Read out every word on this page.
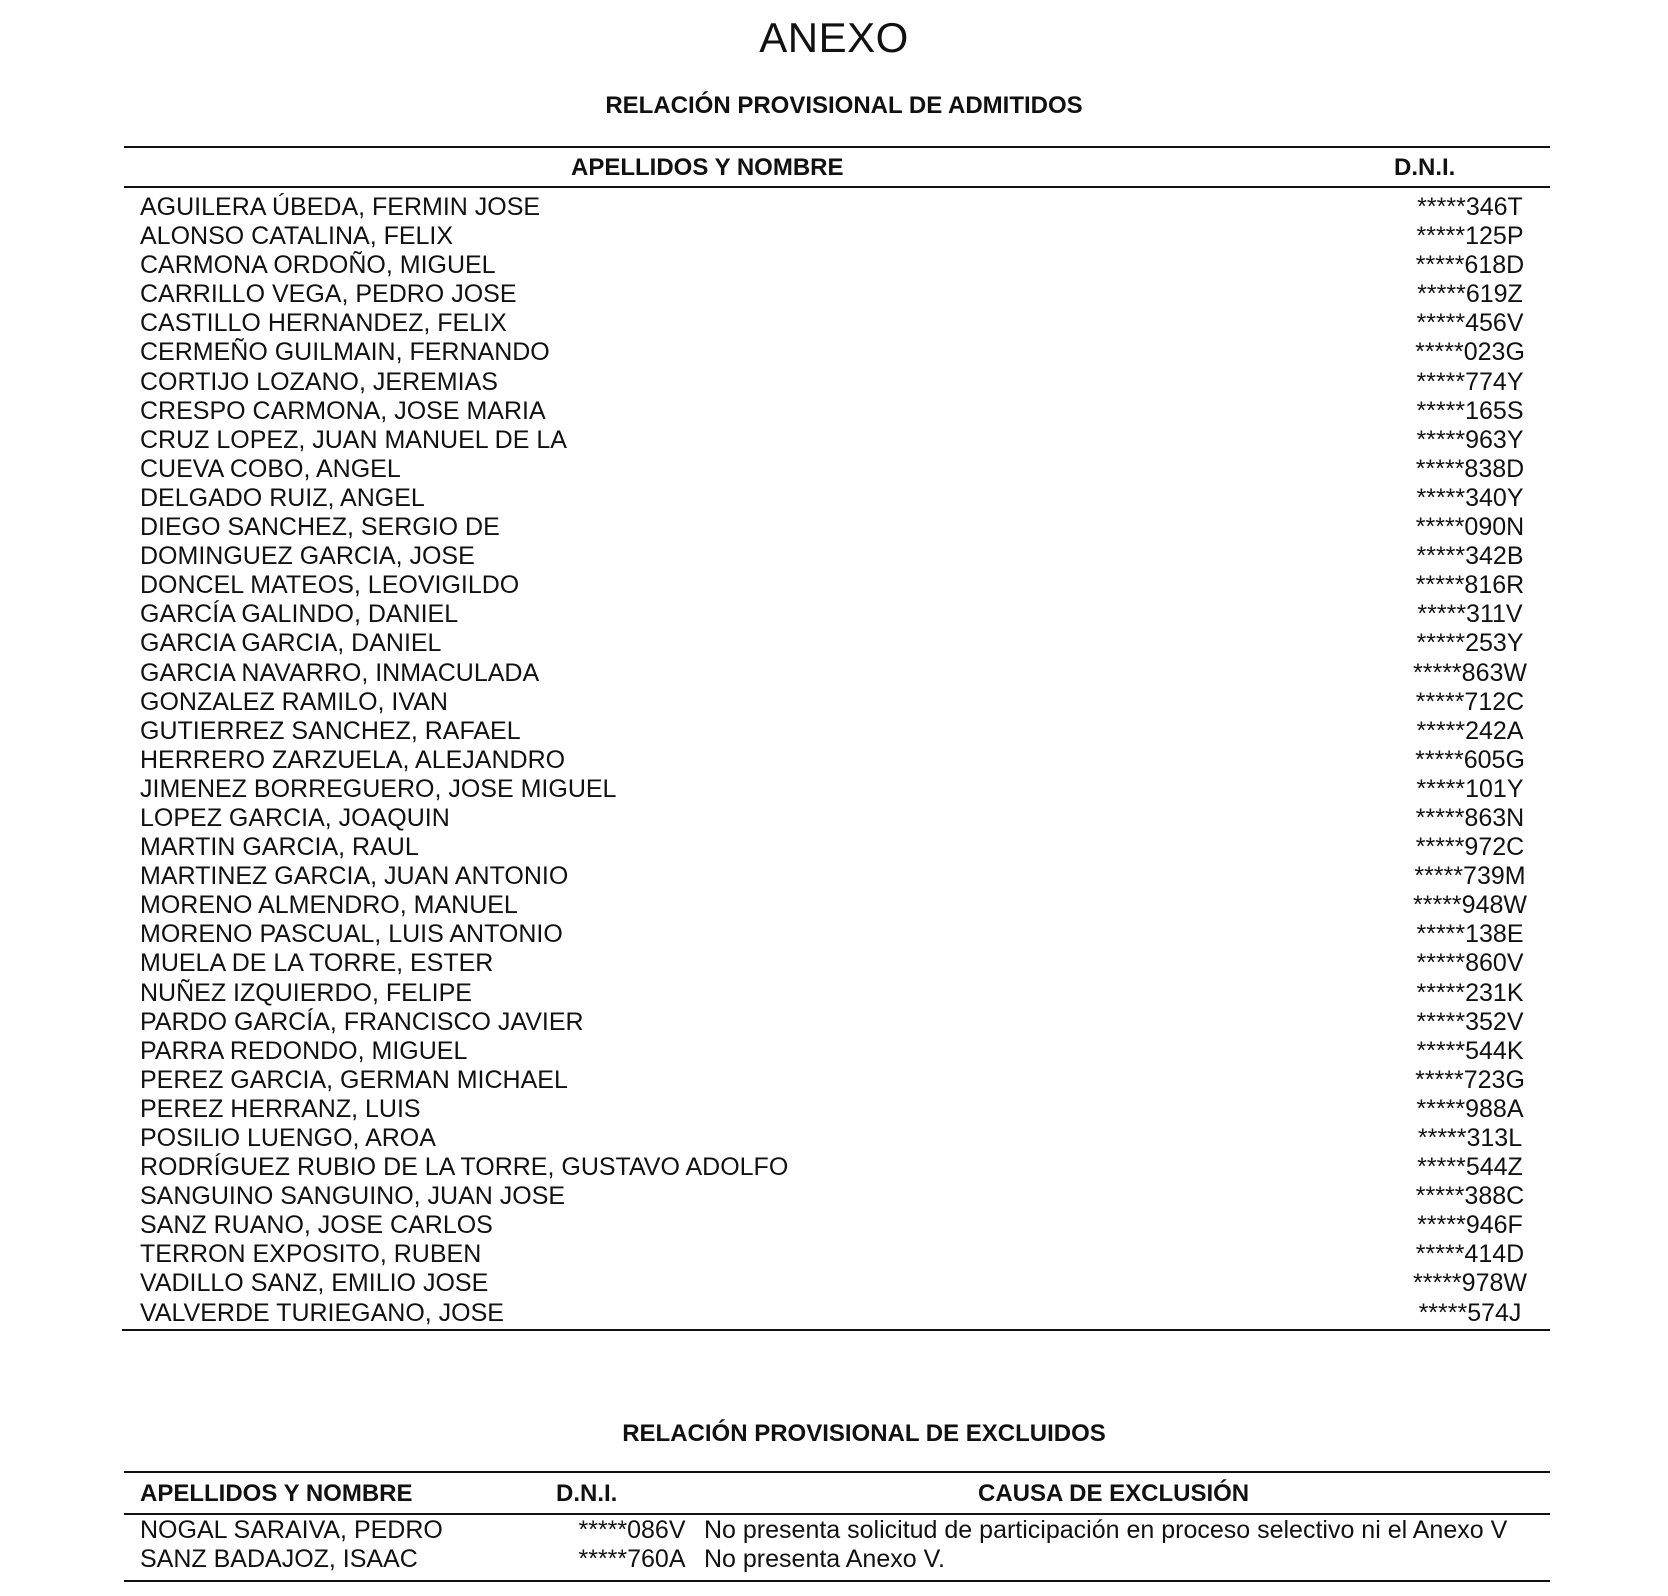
ANEXO
RELACIÓN PROVISIONAL DE ADMITIDOS
APELLIDOS Y NOMBRE	D.N.I.
AGUILERA ÚBEDA, FERMIN JOSE	*****346T
ALONSO CATALINA, FELIX	*****125P
CARMONA ORDOÑO, MIGUEL	*****618D
CARRILLO VEGA, PEDRO JOSE	*****619Z
CASTILLO HERNANDEZ, FELIX	*****456V
CERMEÑO GUILMAIN, FERNANDO	*****023G
CORTIJO LOZANO, JEREMIAS	*****774Y
CRESPO CARMONA, JOSE MARIA	*****165S
CRUZ LOPEZ, JUAN MANUEL DE LA	*****963Y
CUEVA COBO, ANGEL	*****838D
DELGADO RUIZ, ANGEL	*****340Y
DIEGO SANCHEZ, SERGIO DE	*****090N
DOMINGUEZ GARCIA, JOSE	*****342B
DONCEL MATEOS, LEOVIGILDO	*****816R
GARCÍA GALINDO, DANIEL	*****311V
GARCIA GARCIA, DANIEL	*****253Y
GARCIA NAVARRO, INMACULADA	*****863W
GONZALEZ RAMILO, IVAN	*****712C
GUTIERREZ SANCHEZ, RAFAEL	*****242A
HERRERO ZARZUELA, ALEJANDRO	*****605G
JIMENEZ BORREGUERO, JOSE MIGUEL	*****101Y
LOPEZ GARCIA, JOAQUIN	*****863N
MARTIN GARCIA, RAUL	*****972C
MARTINEZ GARCIA, JUAN ANTONIO	*****739M
MORENO ALMENDRO, MANUEL	*****948W
MORENO PASCUAL, LUIS ANTONIO	*****138E
MUELA DE LA TORRE, ESTER	*****860V
NUÑEZ IZQUIERDO, FELIPE	*****231K
PARDO GARCÍA, FRANCISCO JAVIER	*****352V
PARRA REDONDO, MIGUEL	*****544K
PEREZ GARCIA, GERMAN MICHAEL	*****723G
PEREZ HERRANZ, LUIS	*****988A
POSILIO LUENGO, AROA	*****313L
RODRÍGUEZ RUBIO DE LA TORRE, GUSTAVO ADOLFO	*****544Z
SANGUINO SANGUINO, JUAN JOSE	*****388C
SANZ RUANO, JOSE CARLOS	*****946F
TERRON EXPOSITO, RUBEN	*****414D
VADILLO SANZ, EMILIO JOSE	*****978W
VALVERDE TURIEGANO, JOSE	*****574J
RELACIÓN PROVISIONAL DE EXCLUIDOS
APELLIDOS Y NOMBRE	D.N.I.	CAUSA DE EXCLUSIÓN
NOGAL SARAIVA, PEDRO	*****086V No presenta solicitud de participación en proceso selectivo ni el Anexo V
SANZ BADAJOZ, ISAAC	*****760A No presenta Anexo V.
